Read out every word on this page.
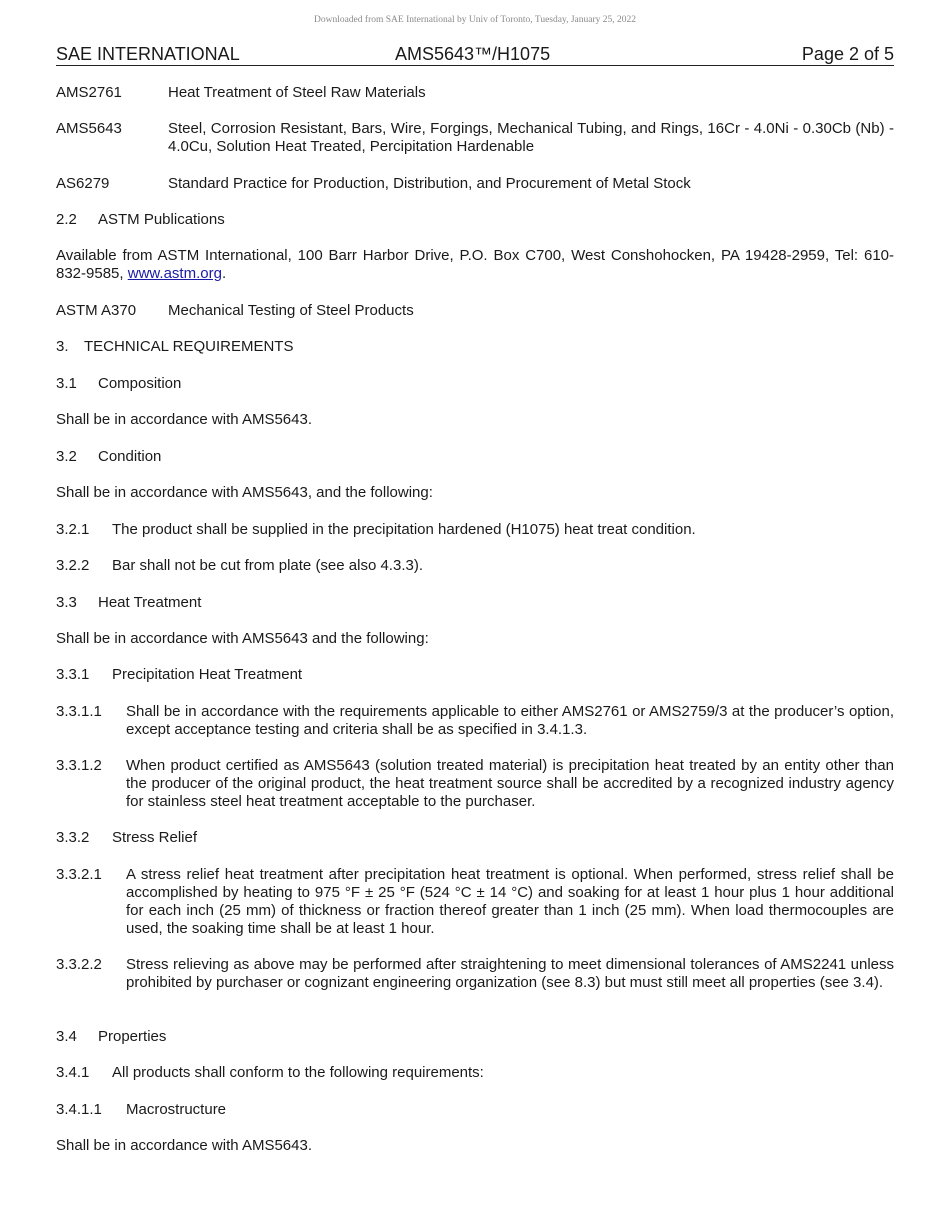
Downloaded from SAE International by Univ of Toronto, Tuesday, January 25, 2022
SAE INTERNATIONAL	AMS5643™/H1075	Page 2 of 5
AMS2761	Heat Treatment of Steel Raw Materials
AMS5643	Steel, Corrosion Resistant, Bars, Wire, Forgings, Mechanical Tubing, and Rings, 16Cr - 4.0Ni - 0.30Cb (Nb) - 4.0Cu, Solution Heat Treated, Percipitation Hardenable
AS6279	Standard Practice for Production, Distribution, and Procurement of Metal Stock
2.2	ASTM Publications

Available from ASTM International, 100 Barr Harbor Drive, P.O. Box C700, West Conshohocken, PA 19428-2959, Tel: 610-832-9585, www.astm.org.

ASTM A370	Mechanical Testing of Steel Products
3.	TECHNICAL REQUIREMENTS
3.1	Composition

Shall be in accordance with AMS5643.

3.2	Condition

Shall be in accordance with AMS5643, and the following:

3.2.1	The product shall be supplied in the precipitation hardened (H1075) heat treat condition.
3.2.2	Bar shall not be cut from plate (see also 4.3.3).
3.3	Heat Treatment

Shall be in accordance with AMS5643 and the following:

3.3.1	Precipitation Heat Treatment
3.3.1.1	Shall be in accordance with the requirements applicable to either AMS2761 or AMS2759/3 at the producer’s option, except acceptance testing and criteria shall be as specified in 3.4.1.3.
3.3.1.2	When product certified as AMS5643 (solution treated material) is precipitation heat treated by an entity other than the producer of the original product, the heat treatment source shall be accredited by a recognized industry agency for stainless steel heat treatment acceptable to the purchaser.
3.3.2	Stress Relief
3.3.2.1	A stress relief heat treatment after precipitation heat treatment is optional. When performed, stress relief shall be accomplished by heating to 975 °F ± 25 °F (524 °C ± 14 °C) and soaking for at least 1 hour plus 1 hour additional for each inch (25 mm) of thickness or fraction thereof greater than 1 inch (25 mm). When load thermocouples are used, the soaking time shall be at least 1 hour.
3.3.2.2	Stress relieving as above may be performed after straightening to meet dimensional tolerances of AMS2241 unless prohibited by purchaser or cognizant engineering organization (see 8.3) but must still meet all properties (see 3.4).
3.4	Properties
3.4.1	All products shall conform to the following requirements:
3.4.1.1	Macrostructure

Shall be in accordance with AMS5643.
